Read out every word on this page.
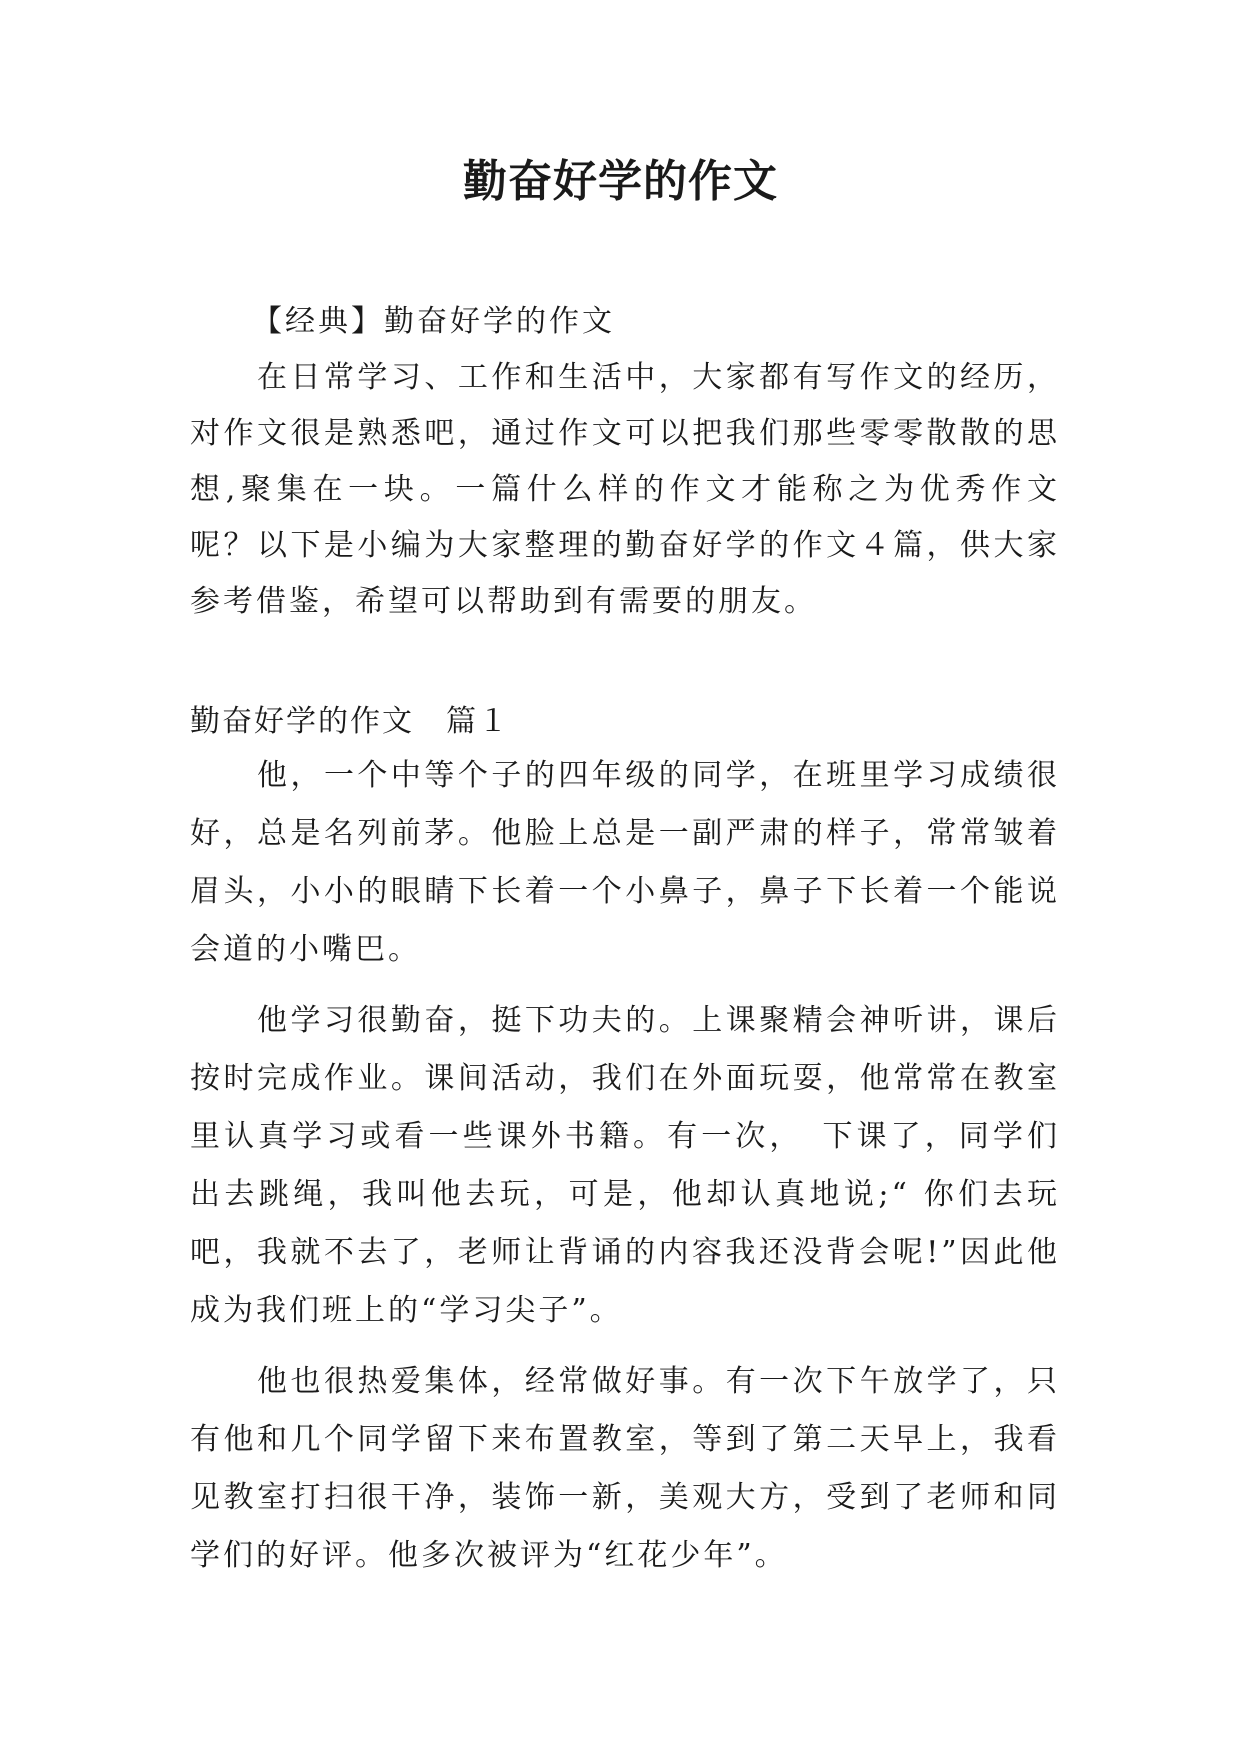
勤奋好学的作文
【经典】勤奋好学的作文

在日常学习、工作和生活中，大家都有写作文的经历，对作文很是熟悉吧，通过作文可以把我们那些零零散散的思想,聚集在一块。一篇什么样的作文才能称之为优秀作文呢？以下是小编为大家整理的勤奋好学的作文４篇，供大家参考借鉴，希望可以帮助到有需要的朋友。

勤奋好学的作文　篇１

他，一个中等个子的四年级的同学，在班里学习成绩很好，总是名列前茅。他脸上总是一副严肃的样子，常常皱着眉头，小小的眼睛下长着一个小鼻子，鼻子下长着一个能说会道的小嘴巴。

他学习很勤奋，挺下功夫的。上课聚精会神听讲，课后按时完成作业。课间活动，我们在外面玩耍，他常常在教室里认真学习或看一些课外书籍。有一次，　下课了，同学们出去跳绳，我叫他去玩，可是，他却认真地说;“ 你们去玩吧，我就不去了，老师让背诵的内容我还没背会呢!”因此他成为我们班上的“学习尖子”。

他也很热爱集体，经常做好事。有一次下午放学了，只有他和几个同学留下来布置教室，等到了第二天早上，我看见教室打扫很干净，装饰一新，美观大方，受到了老师和同学们的好评。他多次被评为“红花少年”。
